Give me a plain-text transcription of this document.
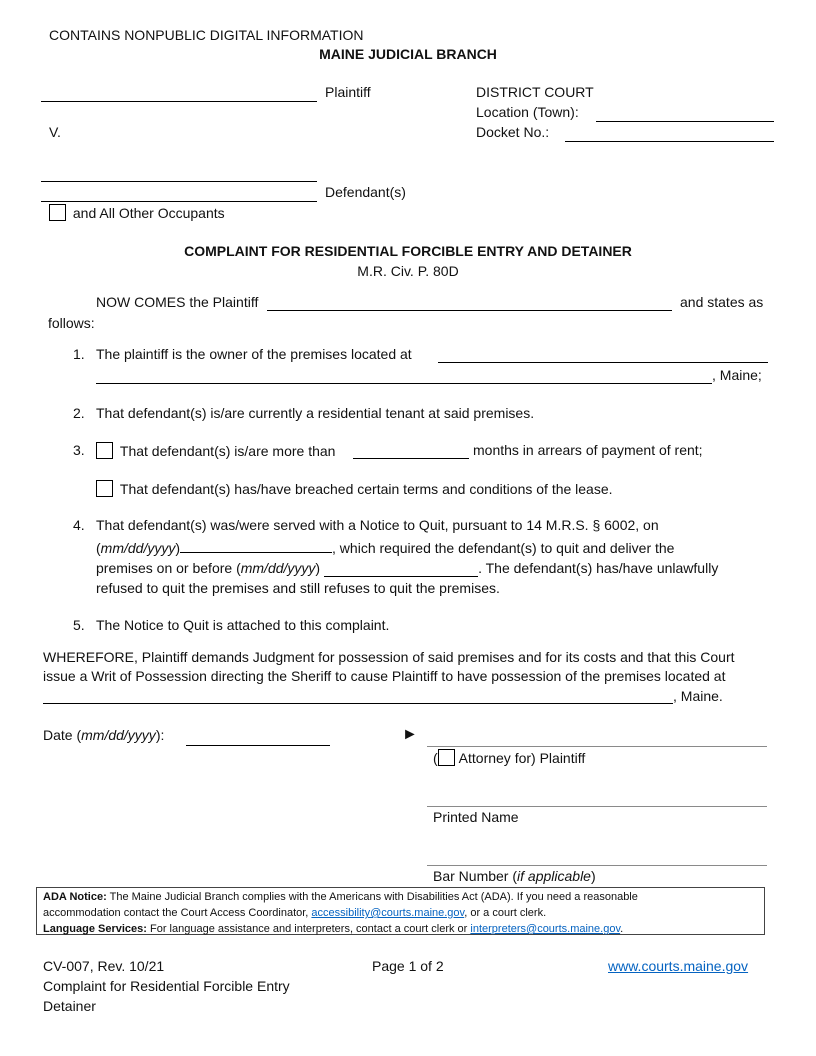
CONTAINS NONPUBLIC DIGITAL INFORMATION
MAINE JUDICIAL BRANCH
Plaintiff	DISTRICT COURT
Location (Town):
Docket No.:
V.
Defendant(s)
and All Other Occupants
COMPLAINT FOR RESIDENTIAL FORCIBLE ENTRY AND DETAINER
M.R. Civ. P. 80D
NOW COMES the Plaintiff	and states as
follows:
1. The plaintiff is the owner of the premises located at
, Maine;
2. That defendant(s) is/are currently a residential tenant at said premises.
3.	That defendant(s) is/are more than	months in arrears of payment of rent;
That defendant(s) has/have breached certain terms and conditions of the lease.
4. That defendant(s) was/were served with a Notice to Quit, pursuant to 14 M.R.S. § 6002, on
(mm/dd/yyyy)	, which required the defendant(s) to quit and deliver the
premises on or before (mm/dd/yyyy)	. The defendant(s) has/have unlawfully
refused to quit the premises and still refuses to quit the premises.
5. The Notice to Quit is attached to this complaint.
WHEREFORE, Plaintiff demands Judgment for possession of said premises and for its costs and that this Court
issue a Writ of Possession directing the Sheriff to cause Plaintiff to have possession of the premises located at
, Maine.
Date (mm/dd/yyyy):	►
( Attorney for) Plaintiff
Printed Name
Bar Number (if applicable)
ADA Notice: The Maine Judicial Branch complies with the Americans with Disabilities Act (ADA). If you need a reasonable
accommodation contact the Court Access Coordinator, accessibility@courts.maine.gov, or a court clerk.
Language Services: For language assistance and interpreters, contact a court clerk or interpreters@courts.maine.gov.
CV-007, Rev. 10/21	Page 1 of 2	www.courts.maine.gov
Complaint for Residential Forcible Entry
Detainer
